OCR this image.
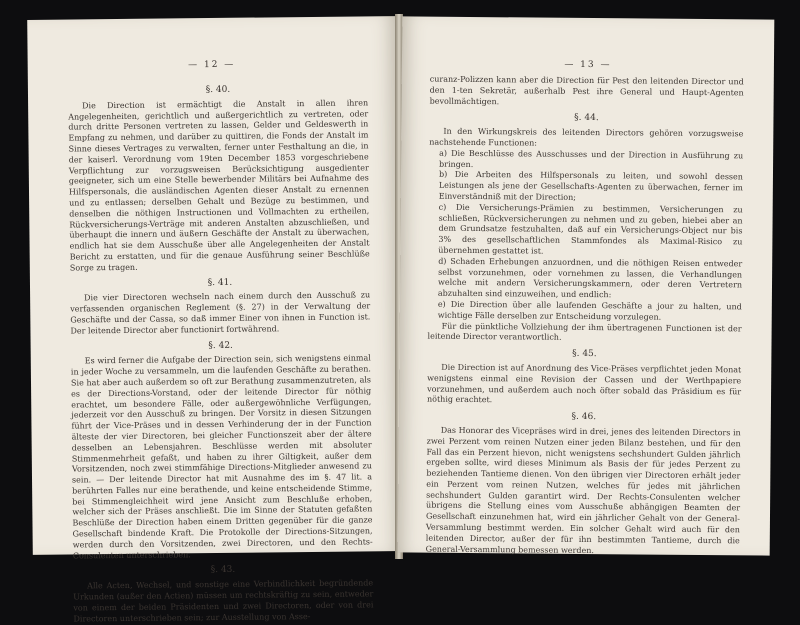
— 12 —
§. 40.

Die Direction ist ermächtigt die Anstalt in allen ihren Angelegenheiten, gerichtlich und außergerichtlich zu vertreten, oder durch dritte Personen vertreten zu lassen, Gelder und Geldeswerth in Empfang zu nehmen, und darüber zu quittiren, die Fonds der Anstalt im Sinne dieses Vertrages zu verwalten, ferner unter Festhaltung an die, in der kaiserl. Verordnung vom 19ten December 1853 vorgeschriebene Verpflichtung zur vorzugsweisen Berücksichtigung ausgedienter geeigneter, sich um eine Stelle bewerbender Militärs bei Aufnahme des Hilfspersonals, die ausländischen Agenten dieser Anstalt zu ernennen und zu entlassen; derselben Gehalt und Bezüge zu bestimmen, und denselben die nöthigen Instructionen und Vollmachten zu ertheilen, Rückversicherungs-Verträge mit anderen Anstalten abzuschließen, und überhaupt die innern und äußern Geschäfte der Anstalt zu überwachen, endlich hat sie dem Ausschuße über alle Angelegenheiten der Anstalt Bericht zu erstatten, und für die genaue Ausführung seiner Beschlüße Sorge zu tragen.

§. 41.

Die vier Directoren wechseln nach einem durch den Ausschuß zu verfassenden organischen Reglement (§. 27) in der Verwaltung der Geschäfte und der Cassa, so daß immer Einer von ihnen in Function ist. Der leitende Director aber functionirt fortwährend.

§. 42.

Es wird ferner die Aufgabe der Direction sein, sich wenigstens einmal in jeder Woche zu versammeln, um die laufenden Geschäfte zu berathen. Sie hat aber auch außerdem so oft zur Berathung zusammenzutreten, als es der Directions-Vorstand, oder der leitende Director für nöthig erachtet, um besondere Fälle, oder außergewöhnliche Verfügungen, jederzeit vor den Ausschuß zu bringen. Der Vorsitz in diesen Sitzungen führt der Vice-Präses und in dessen Verhinderung der in der Function älteste der vier Directoren, bei gleicher Functionszeit aber der ältere desselben an Lebensjahren. Beschlüsse werden mit absoluter Stimmenmehrheit gefaßt, und haben zu ihrer Giltigkeit, außer dem Vorsitzenden, noch zwei stimmfähige Directions-Mitglieder anwesend zu sein. — Der leitende Director hat mit Ausnahme des im §. 47 lit. a berührten Falles nur eine berathende, und keine entscheidende Stimme, bei Stimmengleichheit wird jene Ansicht zum Beschluße erhoben, welcher sich der Präses anschließt. Die im Sinne der Statuten gefaßten Beschlüße der Direction haben einem Dritten gegenüber für die ganze Gesellschaft bindende Kraft. Die Protokolle der Directions-Sitzungen, werden durch den Vorsitzenden, zwei Directoren, und den Rechts-Consulenten unterschrieben.

§. 43.

Alle Acten, Wechsel, und sonstige eine Verbindlichkeit begründende Urkunden (außer den Actien) müssen um rechtskräftig zu sein, entweder von einem der beiden Präsidenten und zwei Directoren, oder von drei Directoren unterschrieben sein; zur Ausstellung von Asse-

— 13 —

curanz-Polizzen kann aber die Direction für Pest den leitenden Director und den 1-ten Sekretär, außerhalb Pest ihre General und Haupt-Agenten bevollmächtigen.

§. 44.

In den Wirkungskreis des leitenden Directors gehören vorzugsweise nachstehende Functionen:

a) Die Beschlüsse des Ausschusses und der Direction in Ausführung zu bringen.

b) Die Arbeiten des Hilfspersonals zu leiten, und sowohl dessen Leistungen als jene der Gesellschafts-Agenten zu überwachen, ferner im Einverständniß mit der Direction;

c) Die Versicherungs-Prämien zu bestimmen, Versicherungen zu schließen, Rückversicherungen zu nehmen und zu geben, hiebei aber an dem Grundsatze festzuhalten, daß auf ein Versicherungs-Object nur bis 3% des gesellschaftlichen Stammfondes als Maximal-Risico zu übernehmen gestattet ist.

d) Schaden Erhebungen anzuordnen, und die nöthigen Reisen entweder selbst vorzunehmen, oder vornehmen zu lassen, die Verhandlungen welche mit andern Versicherungskammern, oder deren Vertretern abzuhalten sind einzuweihen, und endlich:

e) Die Direction über alle laufenden Geschäfte a jour zu halten, und wichtige Fälle derselben zur Entscheidung vorzulegen.

Für die pünktliche Vollziehung der ihm übertragenen Functionen ist der leitende Director verantwortlich.

§. 45.

Die Direction ist auf Anordnung des Vice-Präses verpflichtet jeden Monat wenigstens einmal eine Revision der Cassen und der Werthpapiere vorzunehmen, und außerdem auch noch öfter sobald das Präsidium es für nöthig erachtet.

§. 46.

Das Honorar des Vicepräses wird in drei, jenes des leitenden Directors in zwei Perzent vom reinen Nutzen einer jeden Bilanz bestehen, und für den Fall das ein Perzent hievon, nicht wenigstens sechshundert Gulden jährlich ergeben sollte, wird dieses Minimum als Basis der für jedes Perzent zu beziehenden Tantieme dienen. Von den übrigen vier Directoren erhält jeder ein Perzent vom reinen Nutzen, welches für jedes mit jährlichen sechshundert Gulden garantirt wird. Der Rechts-Consulenten welcher übrigens die Stellung eines vom Ausschuße abhängigen Beamten der Gesellschaft einzunehmen hat, wird ein jährlicher Gehalt von der General-Versammlung bestimmt werden. Ein solcher Gehalt wird auch für den leitenden Director, außer der für ihn bestimmten Tantieme, durch die General-Versammlung bemessen werden.
